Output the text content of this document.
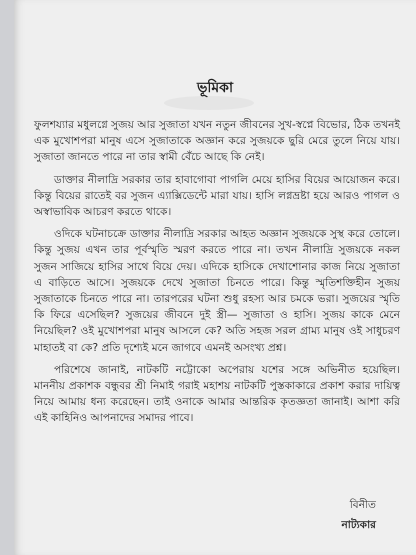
ভূমিকা

ফুলশয্যার মধুলগ্নে সুজয় আর সুজাতা যখন নতুন জীবনের সুখ-স্বপ্নে বিভোর, ঠিক তখনই এক মুখোশপরা মানুষ এসে সুজাতাকে অজ্ঞান করে সুজয়কে ছুরি মেরে তুলে নিয়ে যায়। সুজাতা জানতে পারে না তার স্বামী বেঁচে আছে কি নেই।

ডাক্তার নীলাদ্রি সরকার তার হাবাগোবা পাগলি মেয়ে হাসির বিয়ের আয়োজন করে। কিন্তু বিয়ের রাতেই বর সুজন এ্যাক্সিডেন্টে মারা যায়। হাসি লগ্নভ্রষ্টা হয়ে আরও পাগল ও অস্বাভাবিক আচরণ করতে থাকে।

ওদিকে ঘটনাচক্রে ডাক্তার নীলাদ্রি সরকার আহত অজ্ঞান সুজয়কে সুস্থ করে তোলে। কিন্তু সুজয় এখন তার পূর্বস্মৃতি স্মরণ করতে পারে না। তখন নীলাদ্রি সুজয়কে নকল সুজন সাজিয়ে হাসির সাথে বিয়ে দেয়। এদিকে হাসিকে দেখাশোনার কাজ নিয়ে সুজাতা এ বাড়িতে আসে। সুজয়কে দেখে সুজাতা চিনতে পারে। কিন্তু স্মৃতিশক্তিহীন সুজয় সুজাতাকে চিনতে পারে না। তারপরের ঘটনা শুধু রহস্য আর চমকে ভরা। সুজয়ের স্মৃতি কি ফিরে এসেছিল? সুজয়ের জীবনে দুই স্ত্রী— সুজাতা ও হাসি। সুজয় কাকে মেনে নিয়েছিল? ওই মুখোশপরা মানুষ আসলে কে? অতি সহজ সরল গ্রাম্য মানুষ ওই সাধুচরণ মাহাতই বা কে? প্রতি দৃশ্যেই মনে জাগবে এমনই অসংখ্য প্রশ্ন।

পরিশেষে জানাই, নাটকটি নট্টোকো অপেরায় যশের সঙ্গে অভিনীত হয়েছিল। মাননীয় প্রকাশক বন্ধুবর শ্রী নিমাই গরাই মহাশয় নাটকটি পুস্তকাকারে প্রকাশ করার দায়িত্ব নিয়ে আমায় ধন্য করেছেন। তাই ওনাকে আমার আন্তরিক কৃতজ্ঞতা জানাই। আশা করি এই কাহিনিও আপনাদের সমাদর পাবে।

বিনীত
নাট্যকার
